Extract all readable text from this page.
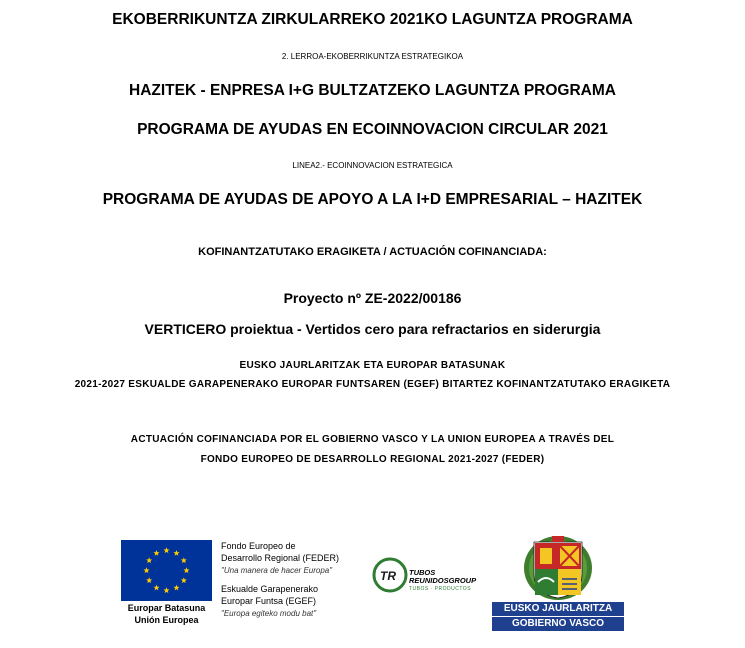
EKOBERRIKUNTZA ZIRKULARREKO 2021KO LAGUNTZA PROGRAMA
2. LERROA-EKOBERRIKUNTZA ESTRATEGIKOA
HAZITEK - ENPRESA I+G BULTZATZEKO LAGUNTZA PROGRAMA
PROGRAMA DE AYUDAS EN ECOINNOVACION CIRCULAR 2021
LINEA2.- ECOINNOVACION ESTRATEGICA
PROGRAMA DE AYUDAS DE APOYO A LA I+D EMPRESARIAL – HAZITEK
KOFINANTZATUTAKO ERAGIKETA / ACTUACIÓN COFINANCIADA:
Proyecto nº ZE-2022/00186
VERTICERO proiektua - Vertidos cero para refractarios en siderurgia
EUSKO JAURLARITZAK ETA EUROPAR BATASUNAK
2021-2027 ESKUALDE GARAPENERAKO EUROPAR FUNTSAREN (EGEF) BITARTEZ KOFINANTZATUTAKO ERAGIKETA
ACTUACIÓN COFINANCIADA POR EL GOBIERNO VASCO Y LA UNION EUROPEA A TRAVÉS DEL
FONDO EUROPEO DE DESARROLLO REGIONAL 2021-2027 (FEDER)
Europar Batasuna
Unión Europea
Fondo Europeo de
Desarrollo Regional (FEDER)
"Una manera de hacer Europa"
Eskualde Garapenerako
Europar Funtsa (EGEF)
"Europa egiteko modu bat"
TR TUBOS
REUNIDOSGROUP
TUBOS · PRODUCTOS
EUSKO JAURLARITZA
GOBIERNO VASCO
